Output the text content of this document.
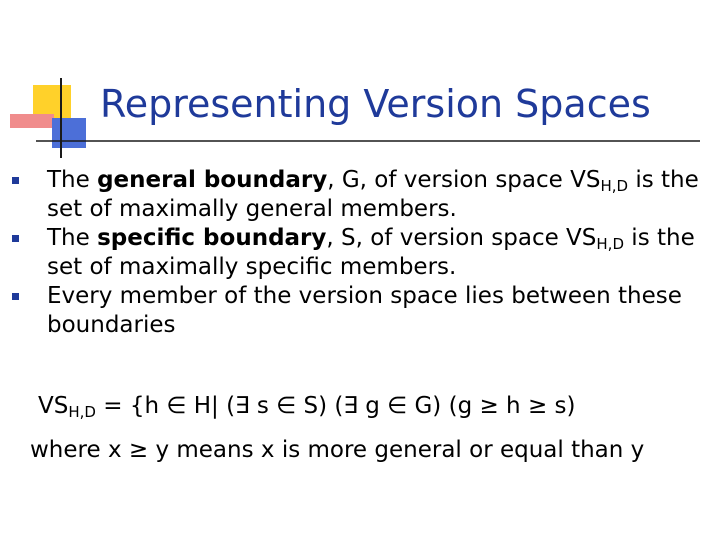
Representing Version Spaces
The general boundary, G, of version space $VS_{H,D}$ is the set of maximally general members.
The specific boundary, S, of version space $VS_{H,D}$ is the set of maximally specific members.
Every member of the version space lies between these boundaries
$VS_{H,D} = \{h$ ∈ H| (∃ s ∈ S) (∃ g ∈ G) (g ≥ h ≥ s)
where x ≥ y means x is more general or equal than y
